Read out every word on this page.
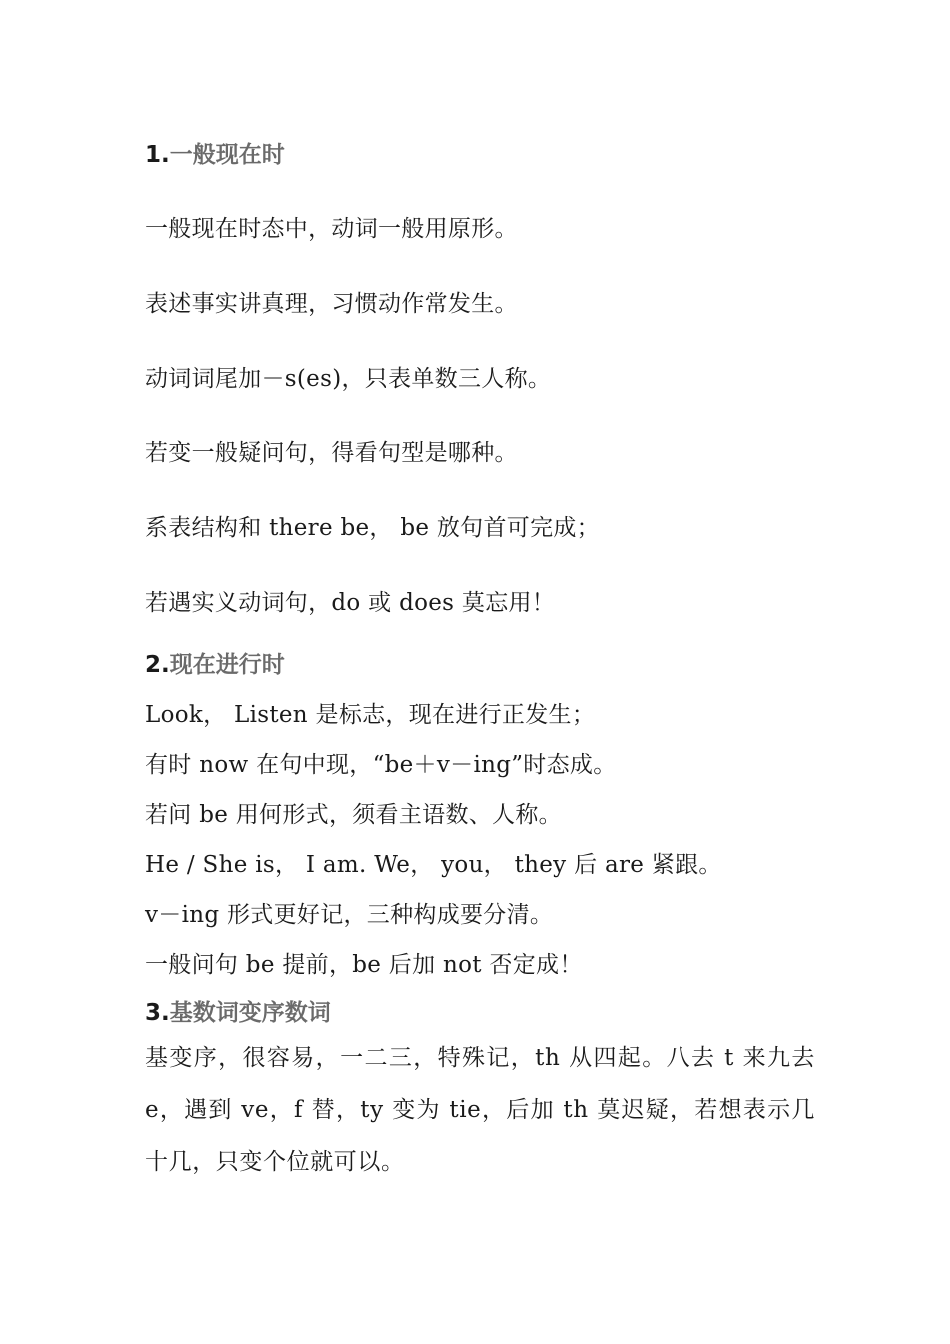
1.一般现在时
一般现在时态中，动词一般用原形。
表述事实讲真理，习惯动作常发生。
动词词尾加－s(es)，只表单数三人称。
若变一般疑问句，得看句型是哪种。
系表结构和 there be， be 放句首可完成；
若遇实义动词句，do 或 does 莫忘用！
2.现在进行时
Look， Listen 是标志，现在进行正发生；
有时 now 在句中现，“be＋v－ing”时态成。
若问 be 用何形式，须看主语数、人称。
He / She is， I am. We， you， they 后 are 紧跟。
v－ing 形式更好记，三种构成要分清。
一般问句 be 提前，be 后加 not 否定成！
3.基数词变序数词
基变序，很容易，一二三，特殊记，th 从四起。八去 t 来九去 e，遇到 ve，f 替，ty 变为 tie，后加 th 莫迟疑，若想表示几十几，只变个位就可以。
